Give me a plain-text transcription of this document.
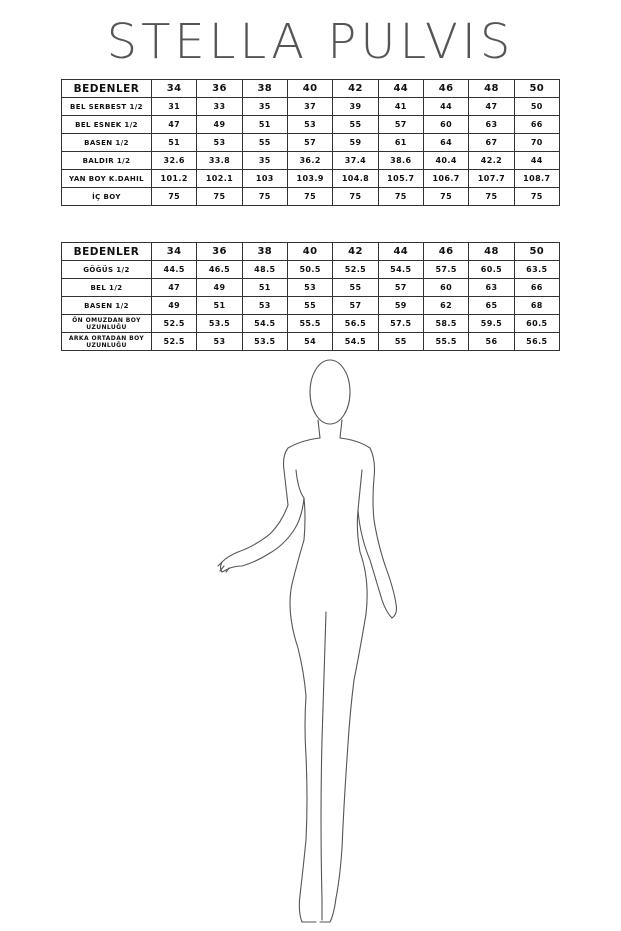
STELLA PULVIS
BEDENLER	34	36	38	40	42	44	46	48	50
BEL SERBEST 1/2	31	33	35	37	39	41	44	47	50
BEL ESNEK 1/2	47	49	51	53	55	57	60	63	66
BASEN 1/2	51	53	55	57	59	61	64	67	70
BALDIR 1/2	32.6	33.8	35	36.2	37.4	38.6	40.4	42.2	44
YAN BOY K.DAHIL	101.2	102.1	103	103.9	104.8	105.7	106.7	107.7	108.7
İÇ BOY	75	75	75	75	75	75	75	75	75
BEDENLER	34	36	38	40	42	44	46	48	50
GÖĞÜS 1/2	44.5	46.5	48.5	50.5	52.5	54.5	57.5	60.5	63.5
BEL 1/2	47	49	51	53	55	57	60	63	66
BASEN 1/2	49	51	53	55	57	59	62	65	68
ÖN OMUZDAN BOY UZUNLUĞU	52.5	53.5	54.5	55.5	56.5	57.5	58.5	59.5	60.5
ARKA ORTADAN BOY UZUNLUĞU	52.5	53	53.5	54	54.5	55	55.5	56	56.5
